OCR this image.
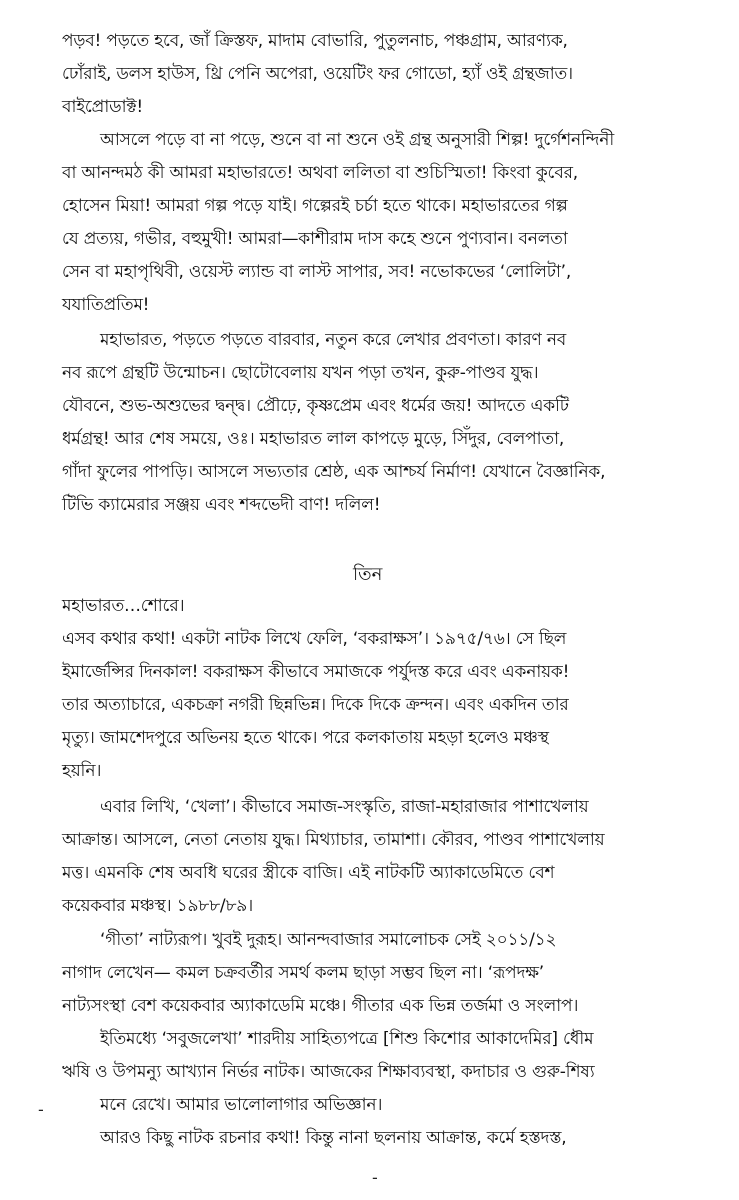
পড়ব! পড়তে হবে, জাঁ ক্রিস্তফ, মাদাম বোভারি, পুতুলনাচ, পঞ্চগ্রাম, আরণ্যক,
ঢোঁরাই, ডলস হাউস, থ্রি পেনি অপেরা, ওয়েটিং ফর গোডো, হ্যাঁ ওই গ্রন্থজাত।
বাইপ্রোডাক্ট!
আসলে পড়ে বা না পড়ে, শুনে বা না শুনে ওই গ্রন্থ অনুসারী শিল্প! দুর্গেশনন্দিনী
বা আনন্দমঠ কী আমরা মহাভারতে! অথবা ললিতা বা শুচিস্মিতা! কিংবা কুবের,
হোসেন মিয়া! আমরা গল্প পড়ে যাই। গল্পেরই চর্চা হতে থাকে। মহাভারতের গল্প
যে প্রত্যয়, গভীর, বহুমুখী! আমরা—কাশীরাম দাস কহে শুনে পুণ্যবান। বনলতা
সেন বা মহাপৃথিবী, ওয়েস্ট ল্যান্ড বা লাস্ট সাপার, সব! নভোকভের ‘লোলিটা’,
যযাতিপ্রতিম!
মহাভারত, পড়তে পড়তে বারবার, নতুন করে লেখার প্রবণতা। কারণ নব
নব রূপে গ্রন্থটি উন্মোচন। ছোটোবেলায় যখন পড়া তখন, কুরু-পাণ্ডব যুদ্ধ।
যৌবনে, শুভ-অশুভের দ্বন্দ্ব। প্রৌঢ়ে, কৃষ্ণপ্রেম এবং ধর্মের জয়! আদতে একটি
ধর্মগ্রন্থ! আর শেষ সময়ে, ওঃ। মহাভারত লাল কাপড়ে মুড়ে, সিঁদুর, বেলপাতা,
গাঁদা ফুলের পাপড়ি। আসলে সভ্যতার শ্রেষ্ঠ, এক আশ্চর্য নির্মাণ! যেখানে বৈজ্ঞানিক,
টিভি ক্যামেরার সঞ্জয় এবং শব্দভেদী বাণ! দলিল!
তিন
মহাভারত…শোরে।
এসব কথার কথা! একটা নাটক লিখে ফেলি, ‘বকরাক্ষস’। ১৯৭৫/৭৬। সে ছিল
ইমার্জেন্সির দিনকাল! বকরাক্ষস কীভাবে সমাজকে পর্যুদস্ত করে এবং একনায়ক!
তার অত্যাচারে, একচক্রা নগরী ছিন্নভিন্ন। দিকে দিকে ক্রন্দন। এবং একদিন তার
মৃত্যু। জামশেদপুরে অভিনয় হতে থাকে। পরে কলকাতায় মহড়া হলেও মঞ্চস্থ
হয়নি।
এবার লিখি, ‘খেলা’। কীভাবে সমাজ-সংস্কৃতি, রাজা-মহারাজার পাশাখেলায়
আক্রান্ত। আসলে, নেতা নেতায় যুদ্ধ। মিথ্যাচার, তামাশা। কৌরব, পাণ্ডব পাশাখেলায়
মত্ত। এমনকি শেষ অবধি ঘরের স্ত্রীকে বাজি। এই নাটকটি অ্যাকাডেমিতে বেশ
কয়েকবার মঞ্চস্থ। ১৯৮৮/৮৯।
‘গীতা’ নাট্যরূপ। খুবই দুরূহ। আনন্দবাজার সমালোচক সেই ২০১১/১২
নাগাদ লেখেন— কমল চক্রবর্তীর সমর্থ কলম ছাড়া সম্ভব ছিল না। ‘রূপদক্ষ’
নাট্যসংস্থা বেশ কয়েকবার অ্যাকাডেমি মঞ্চে। গীতার এক ভিন্ন তর্জমা ও সংলাপ।
ইতিমধ্যে ‘সবুজলেখা’ শারদীয় সাহিত্যপত্রে [শিশু কিশোর আকাদেমির] ধৌম
ঋষি ও উপমন্যু আখ্যান নির্ভর নাটক। আজকের শিক্ষাব্যবস্থা, কদাচার ও গুরু-শিষ্য
মনে রেখে। আমার ভালোলাগার অভিজ্ঞান।
আরও কিছু নাটক রচনার কথা! কিন্তু নানা ছলনায় আক্রান্ত, কর্মে হস্তদস্ত,
-
-
